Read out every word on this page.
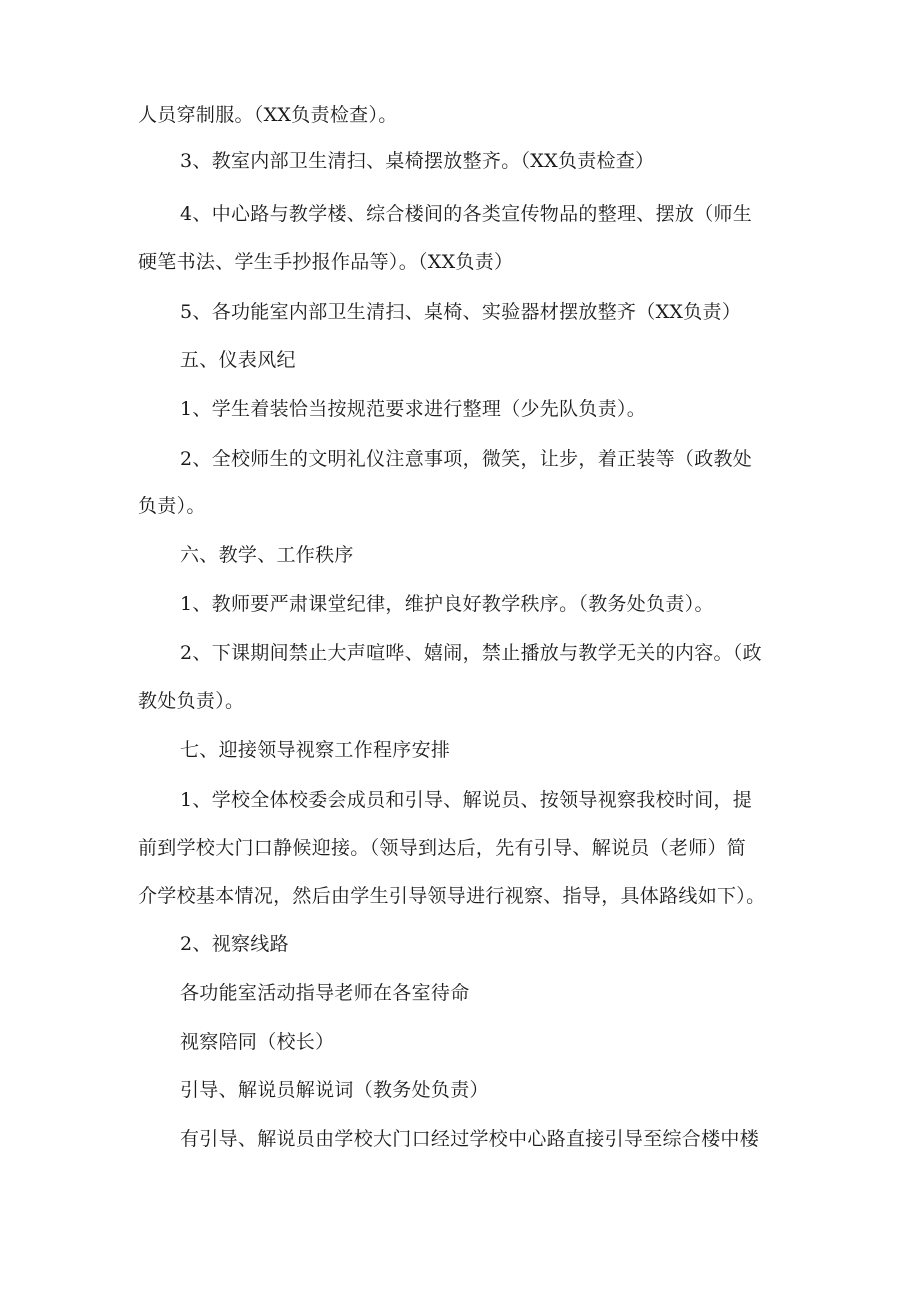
人员穿制服。（XX负责检查）。

3、教室内部卫生清扫、桌椅摆放整齐。（XX负责检查）

4、中心路与教学楼、综合楼间的各类宣传物品的整理、摆放（师生

硬笔书法、学生手抄报作品等）。（XX负责）

5、各功能室内部卫生清扫、桌椅、实验器材摆放整齐（XX负责）

五、仪表风纪

1、学生着装恰当按规范要求进行整理（少先队负责）。

2、全校师生的文明礼仪注意事项，微笑，让步，着正装等（政教处

负责）。

六、教学、工作秩序

1、教师要严肃课堂纪律，维护良好教学秩序。（教务处负责）。

2、下课期间禁止大声喧哗、嬉闹，禁止播放与教学无关的内容。（政

教处负责）。

七、迎接领导视察工作程序安排

1、学校全体校委会成员和引导、解说员、按领导视察我校时间，提

前到学校大门口静候迎接。（领导到达后，先有引导、解说员（老师）简

介学校基本情况，然后由学生引导领导进行视察、指导，具体路线如下）。

2、视察线路

各功能室活动指导老师在各室待命

视察陪同（校长）

引导、解说员解说词（教务处负责）

有引导、解说员由学校大门口经过学校中心路直接引导至综合楼中楼
